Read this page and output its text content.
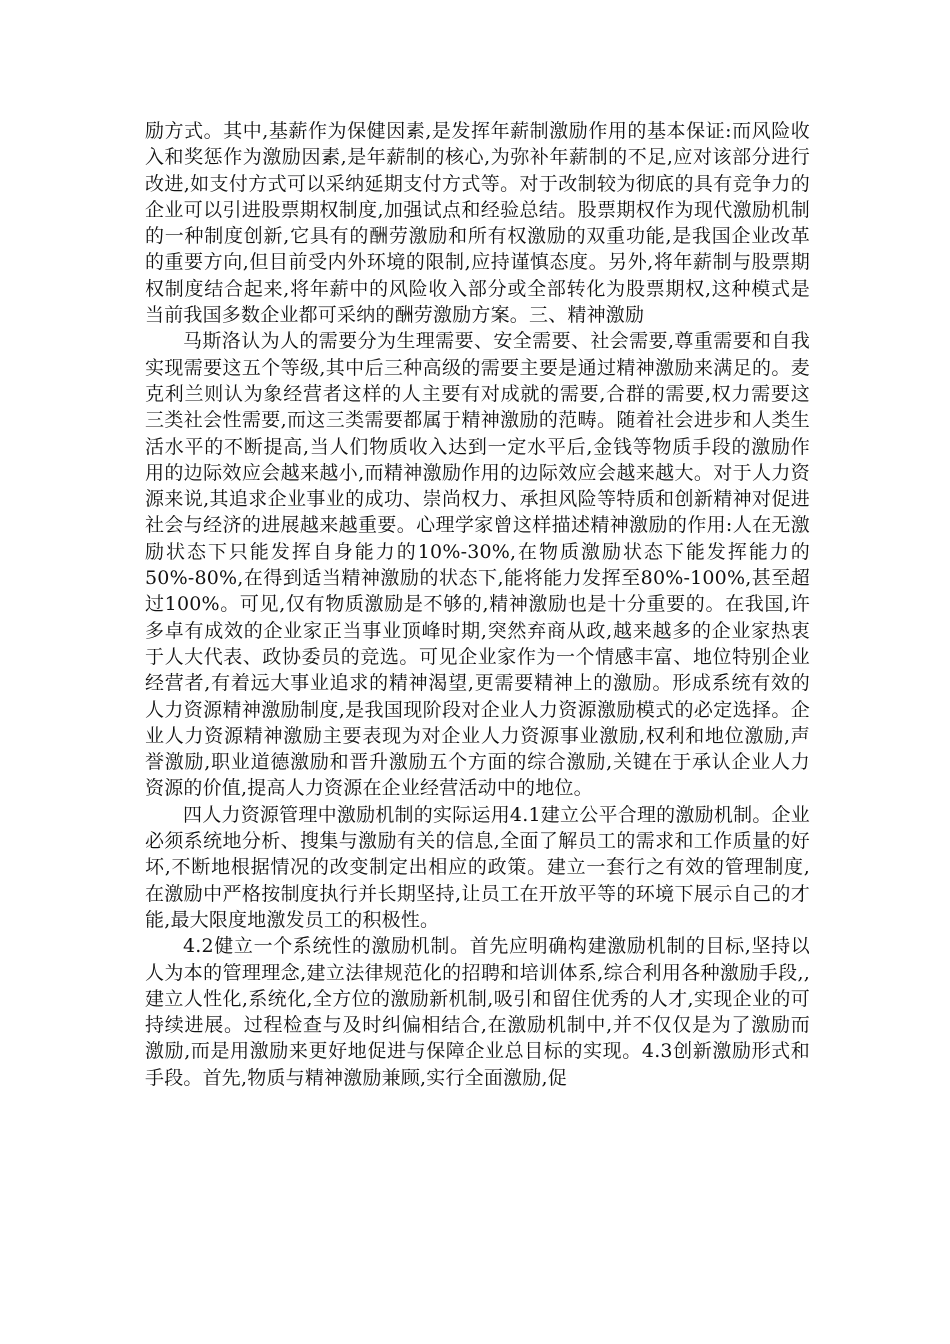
励方式。其中,基薪作为保健因素,是发挥年薪制激励作用的基本保证:而风险收入和奖惩作为激励因素,是年薪制的核心,为弥补年薪制的不足,应对该部分进行改进,如支付方式可以采纳延期支付方式等。对于改制较为彻底的具有竞争力的企业可以引进股票期权制度,加强试点和经验总结。股票期权作为现代激励机制的一种制度创新,它具有的酬劳激励和所有权激励的双重功能,是我国企业改革的重要方向,但目前受内外环境的限制,应持谨慎态度。另外,将年薪制与股票期权制度结合起来,将年薪中的风险收入部分或全部转化为股票期权,这种模式是当前我国多数企业都可采纳的酬劳激励方案。三、精神激励

马斯洛认为人的需要分为生理需要、安全需要、社会需要,尊重需要和自我实现需要这五个等级,其中后三种高级的需要主要是通过精神激励来满足的。麦克利兰则认为象经营者这样的人主要有对成就的需要,合群的需要,权力需要这三类社会性需要,而这三类需要都属于精神激励的范畴。随着社会进步和人类生活水平的不断提高,当人们物质收入达到一定水平后,金钱等物质手段的激励作用的边际效应会越来越小,而精神激励作用的边际效应会越来越大。对于人力资源来说,其追求企业事业的成功、崇尚权力、承担风险等特质和创新精神对促进社会与经济的进展越来越重要。心理学家曾这样描述精神激励的作用:人在无激励状态下只能发挥自身能力的10%-30%,在物质激励状态下能发挥能力的50%-80%,在得到适当精神激励的状态下,能将能力发挥至80%-100%,甚至超过100%。可见,仅有物质激励是不够的,精神激励也是十分重要的。在我国,许多卓有成效的企业家正当事业顶峰时期,突然弃商从政,越来越多的企业家热衷于人大代表、政协委员的竞选。可见企业家作为一个情感丰富、地位特别企业经营者,有着远大事业追求的精神渴望,更需要精神上的激励。形成系统有效的人力资源精神激励制度,是我国现阶段对企业人力资源激励模式的必定选择。企业人力资源精神激励主要表现为对企业人力资源事业激励,权利和地位激励,声誉激励,职业道德激励和晋升激励五个方面的综合激励,关键在于承认企业人力资源的价值,提高人力资源在企业经营活动中的地位。

四人力资源管理中激励机制的实际运用4.1建立公平合理的激励机制。企业必须系统地分析、搜集与激励有关的信息,全面了解员工的需求和工作质量的好坏,不断地根据情况的改变制定出相应的政策。建立一套行之有效的管理制度,在激励中严格按制度执行并长期坚持,让员工在开放平等的环境下展示自己的才能,最大限度地激发员工的积极性。

4.2健立一个系统性的激励机制。首先应明确构建激励机制的目标,坚持以人为本的管理理念,建立法律规范化的招聘和培训体系,综合利用各种激励手段,,建立人性化,系统化,全方位的激励新机制,吸引和留住优秀的人才,实现企业的可持续进展。过程检查与及时纠偏相结合,在激励机制中,并不仅仅是为了激励而激励,而是用激励来更好地促进与保障企业总目标的实现。4.3创新激励形式和手段。首先,物质与精神激励兼顾,实行全面激励,促
